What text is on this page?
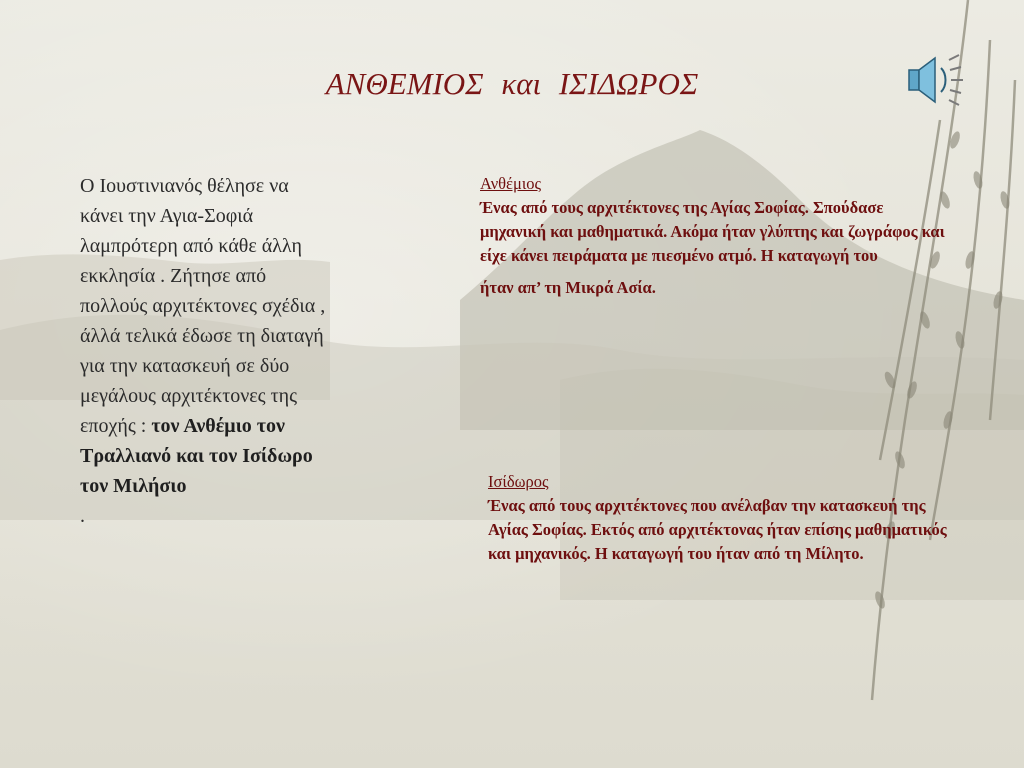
ΑΝΘΕΜΙΟΣ και ΙΣΙΔΩΡΟΣ
Ο Ιουστινιανός θέλησε να κάνει την Αγια-Σοφιά λαμπρότερη από κάθε άλλη εκκλησία . Ζήτησε από πολλούς αρχιτέκτονες σχέδια , άλλά τελικά έδωσε τη διαταγή για την κατασκευή σε δύο μεγάλους αρχιτέκτονες της εποχής : τον Ανθέμιο τον Τραλλιανό και τον Ισίδωρο τον Μιλήσιο
.
Ανθέμιος
Ένας από τους αρχιτέκτονες της Αγίας Σοφίας. Σπούδασε μηχανική και μαθηματικά. Ακόμα ήταν γλύπτης και ζωγράφος και είχε κάνει πειράματα με πιεσμένο ατμό. Η καταγωγή του
ήταν απ’ τη Μικρά Ασία.
Ισίδωρος
Ένας από τους αρχιτέκτονες που ανέλαβαν την κατασκευή της Αγίας Σοφίας. Εκτός από αρχιτέκτονας ήταν επίσης μαθηματικός και μηχανικός. Η καταγωγή του ήταν από τη Μίλητο.
